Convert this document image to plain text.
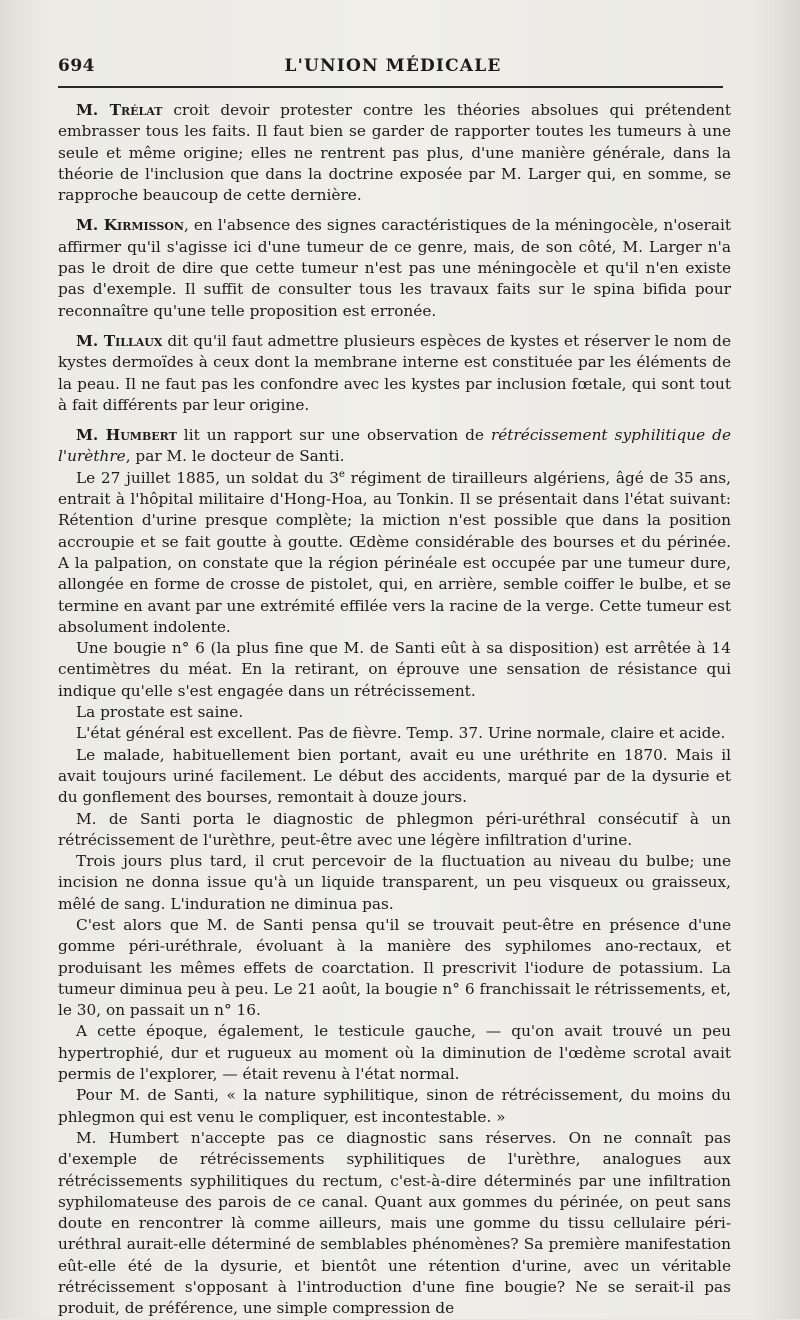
694	L'UNION MÉDICALE

M. Trélat croit devoir protester contre les théories absolues qui prétendent embrasser tous les faits. Il faut bien se garder de rapporter toutes les tumeurs à une seule et même origine; elles ne rentrent pas plus, d'une manière générale, dans la théorie de l'inclusion que dans la doctrine exposée par M. Larger qui, en somme, se rapproche beaucoup de cette dernière.

M. Kirmisson, en l'absence des signes caractéristiques de la méningocèle, n'oserait affirmer qu'il s'agisse ici d'une tumeur de ce genre, mais, de son côté, M. Larger n'a pas le droit de dire que cette tumeur n'est pas une méningocèle et qu'il n'en existe pas d'exemple. Il suffit de consulter tous les travaux faits sur le spina bifida pour reconnaître qu'une telle proposition est erronée.

M. Tillaux dit qu'il faut admettre plusieurs espèces de kystes et réserver le nom de kystes dermoïdes à ceux dont la membrane interne est constituée par les éléments de la peau. Il ne faut pas les confondre avec les kystes par inclusion fœtale, qui sont tout à fait différents par leur origine.

M. Humbert lit un rapport sur une observation de rétrécissement syphilitique de l'urèthre, par M. le docteur de Santi.

Le 27 juillet 1885, un soldat du 3e régiment de tirailleurs algériens, âgé de 35 ans, entrait à l'hôpital militaire d'Hong-Hoa, au Tonkin. Il se présentait dans l'état suivant: Rétention d'urine presque complète; la miction n'est possible que dans la position accroupie et se fait goutte à goutte. Œdème considérable des bourses et du périnée. A la palpation, on constate que la région périnéale est occupée par une tumeur dure, allongée en forme de crosse de pistolet, qui, en arrière, semble coiffer le bulbe, et se termine en avant par une extrémité effilée vers la racine de la verge. Cette tumeur est absolument indolente.

Une bougie n° 6 (la plus fine que M. de Santi eût à sa disposition) est arrêtée à 14 centimètres du méat. En la retirant, on éprouve une sensation de résistance qui indique qu'elle s'est engagée dans un rétrécissement.

La prostate est saine.

L'état général est excellent. Pas de fièvre. Temp. 37. Urine normale, claire et acide.

Le malade, habituellement bien portant, avait eu une uréthrite en 1870. Mais il avait toujours uriné facilement. Le début des accidents, marqué par de la dysurie et du gonflement des bourses, remontait à douze jours.

M. de Santi porta le diagnostic de phlegmon péri-uréthral consécutif à un rétrécissement de l'urèthre, peut-être avec une légère infiltration d'urine.

Trois jours plus tard, il crut percevoir de la fluctuation au niveau du bulbe; une incision ne donna issue qu'à un liquide transparent, un peu visqueux ou graisseux, mêlé de sang. L'induration ne diminua pas.

C'est alors que M. de Santi pensa qu'il se trouvait peut-être en présence d'une gomme péri-uréthrale, évoluant à la manière des syphilomes ano-rectaux, et produisant les mêmes effets de coarctation. Il prescrivit l'iodure de potassium. La tumeur diminua peu à peu. Le 21 août, la bougie n° 6 franchissait le rétrissements, et, le 30, on passait un n° 16.

A cette époque, également, le testicule gauche, — qu'on avait trouvé un peu hypertrophié, dur et rugueux au moment où la diminution de l'œdème scrotal avait permis de l'explorer, — était revenu à l'état normal.

Pour M. de Santi, « la nature syphilitique, sinon de rétrécissement, du moins du phlegmon qui est venu le compliquer, est incontestable. »

M. Humbert n'accepte pas ce diagnostic sans réserves. On ne connaît pas d'exemple de rétrécissements syphilitiques de l'urèthre, analogues aux rétrécissements syphilitiques du rectum, c'est-à-dire déterminés par une infiltration syphilomateuse des parois de ce canal. Quant aux gommes du périnée, on peut sans doute en rencontrer là comme ailleurs, mais une gomme du tissu cellulaire péri-uréthral aurait-elle déterminé de semblables phénomènes? Sa première manifestation eût-elle été de la dysurie, et bientôt une rétention d'urine, avec un véritable rétrécissement s'opposant à l'introduction d'une fine bougie? Ne se serait-il pas produit, de préférence, une simple compression de
